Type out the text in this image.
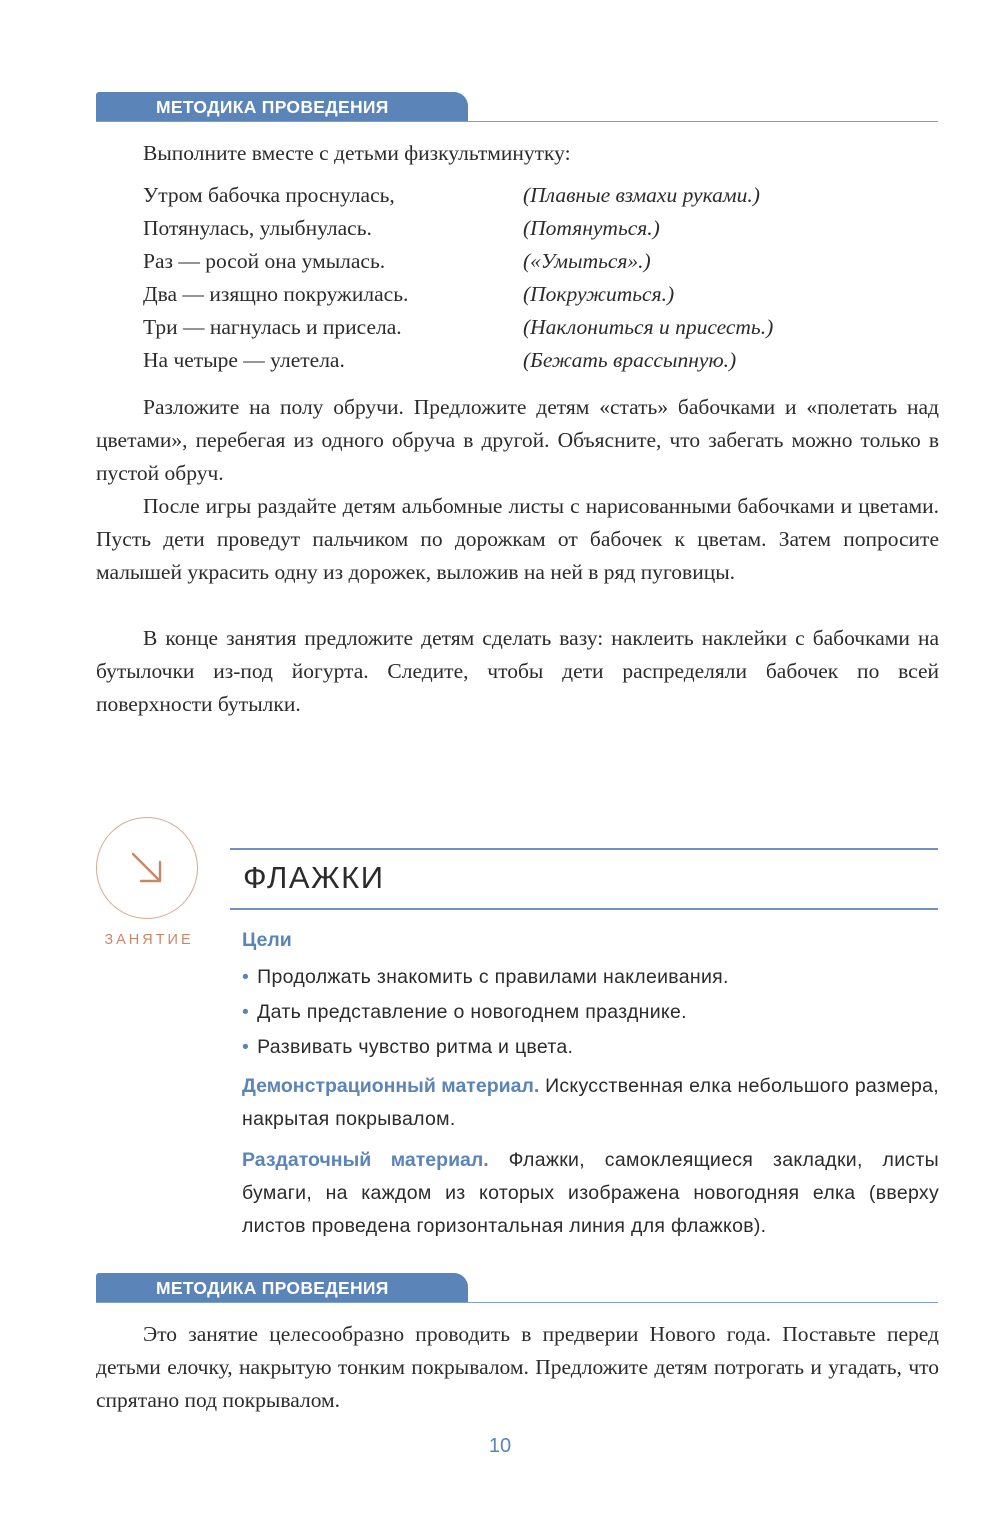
МЕТОДИКА ПРОВЕДЕНИЯ

Выполните вместе с детьми физкультминутку:

Утром бабочка проснулась,	(Плавные взмахи руками.)
Потянулась, улыбнулась.	(Потянуться.)
Раз — росой она умылась.	(«Умыться».)
Два — изящно покружилась.	(Покружиться.)
Три — нагнулась и присела.	(Наклониться и присесть.)
На четыре — улетела.	(Бежать врассыпную.)

Разложите на полу обручи. Предложите детям «стать» бабочками и «полетать над цветами», перебегая из одного обруча в другой. Объясните, что забегать можно только в пустой обруч.

После игры раздайте детям альбомные листы с нарисованными бабочками и цветами. Пусть дети проведут пальчиком по дорожкам от бабочек к цветам. Затем попросите малышей украсить одну из дорожек, выложив на ней в ряд пуговицы.

В конце занятия предложите детям сделать вазу: наклеить наклейки с бабочками на бутылочки из-под йогурта. Следите, чтобы дети распределяли бабочек по всей поверхности бутылки.

ЗАНЯТИЕ
ФЛАЖКИ
Цели
• Продолжать знакомить с правилами наклеивания.
• Дать представление о новогоднем празднике.
• Развивать чувство ритма и цвета.

Демонстрационный материал. Искусственная елка небольшого размера, накрытая покрывалом.

Раздаточный материал. Флажки, самоклеящиеся закладки, листы бумаги, на каждом из которых изображена новогодняя елка (вверху листов проведена горизонтальная линия для флажков).

МЕТОДИКА ПРОВЕДЕНИЯ

Это занятие целесообразно проводить в предверии Нового года. Поставьте перед детьми елочку, накрытую тонким покрывалом. Предложите детям потрогать и угадать, что спрятано под покрывалом.

10
